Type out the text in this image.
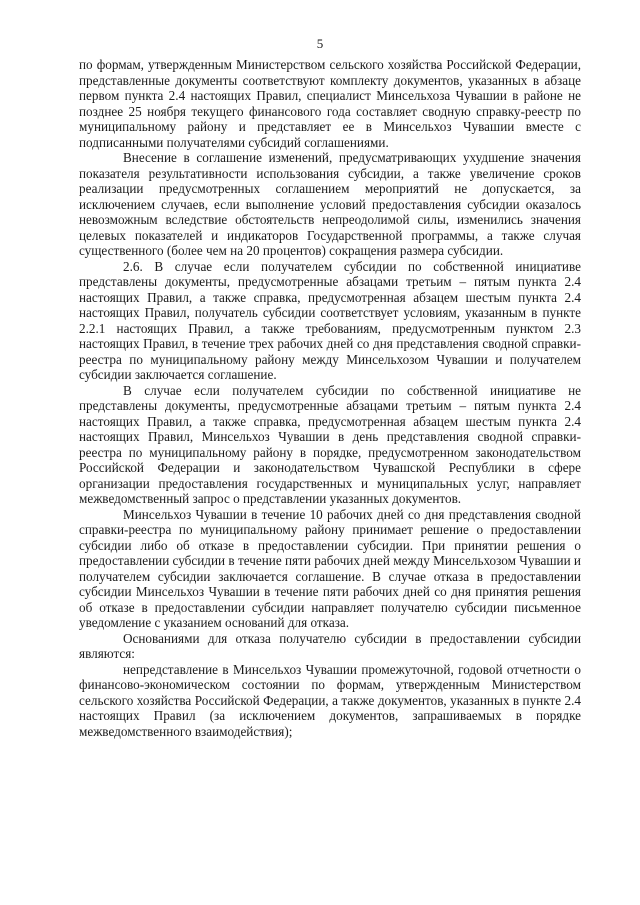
5

по формам, утвержденным Министерством сельского хозяйства Российской Федерации, представленные документы соответствуют комплекту документов, указанных в абзаце первом пункта 2.4 настоящих Правил, специалист Минсельхоза Чувашии в районе не позднее 25 ноября текущего финансового года составляет сводную справку-реестр по муниципальному району и представляет ее в Минсельхоз Чувашии вместе с подписанными получателями субсидий соглашениями.

Внесение в соглашение изменений, предусматривающих ухудшение значения показателя результативности использования субсидии, а также увеличение сроков реализации предусмотренных соглашением мероприятий не допускается, за исключением случаев, если выполнение условий предоставления субсидии оказалось невозможным вследствие обстоятельств непреодолимой силы, изменились значения целевых показателей и индикаторов Государственной программы, а также случая существенного (более чем на 20 процентов) сокращения размера субсидии.

2.6. В случае если получателем субсидии по собственной инициативе представлены документы, предусмотренные абзацами третьим – пятым пункта 2.4 настоящих Правил, а также справка, предусмотренная абзацем шестым пункта 2.4 настоящих Правил, получатель субсидии соответствует условиям, указанным в пункте 2.2.1 настоящих Правил, а также требованиям, предусмотренным пунктом 2.3 настоящих Правил, в течение трех рабочих дней со дня представления сводной справки-реестра по муниципальному району между Минсельхозом Чувашии и получателем субсидии заключается соглашение.

В случае если получателем субсидии по собственной инициативе не представлены документы, предусмотренные абзацами третьим – пятым пункта 2.4 настоящих Правил, а также справка, предусмотренная абзацем шестым пункта 2.4 настоящих Правил, Минсельхоз Чувашии в день представления сводной справки-реестра по муниципальному району в порядке, предусмотренном законодательством Российской Федерации и законодательством Чувашской Республики в сфере организации предоставления государственных и муниципальных услуг, направляет межведомственный запрос о представлении указанных документов.

Минсельхоз Чувашии в течение 10 рабочих дней со дня представления сводной справки-реестра по муниципальному району принимает решение о предоставлении субсидии либо об отказе в предоставлении субсидии. При принятии решения о предоставлении субсидии в течение пяти рабочих дней между Минсельхозом Чувашии и получателем субсидии заключается соглашение. В случае отказа в предоставлении субсидии Минсельхоз Чувашии в течение пяти рабочих дней со дня принятия решения об отказе в предоставлении субсидии направляет получателю субсидии письменное уведомление с указанием оснований для отказа.

Основаниями для отказа получателю субсидии в предоставлении субсидии являются:

непредставление в Минсельхоз Чувашии промежуточной, годовой отчетности о финансово-экономическом состоянии по формам, утвержденным Министерством сельского хозяйства Российской Федерации, а также документов, указанных в пункте 2.4 настоящих Правил (за исключением документов, запрашиваемых в порядке межведомственного взаимодействия);
